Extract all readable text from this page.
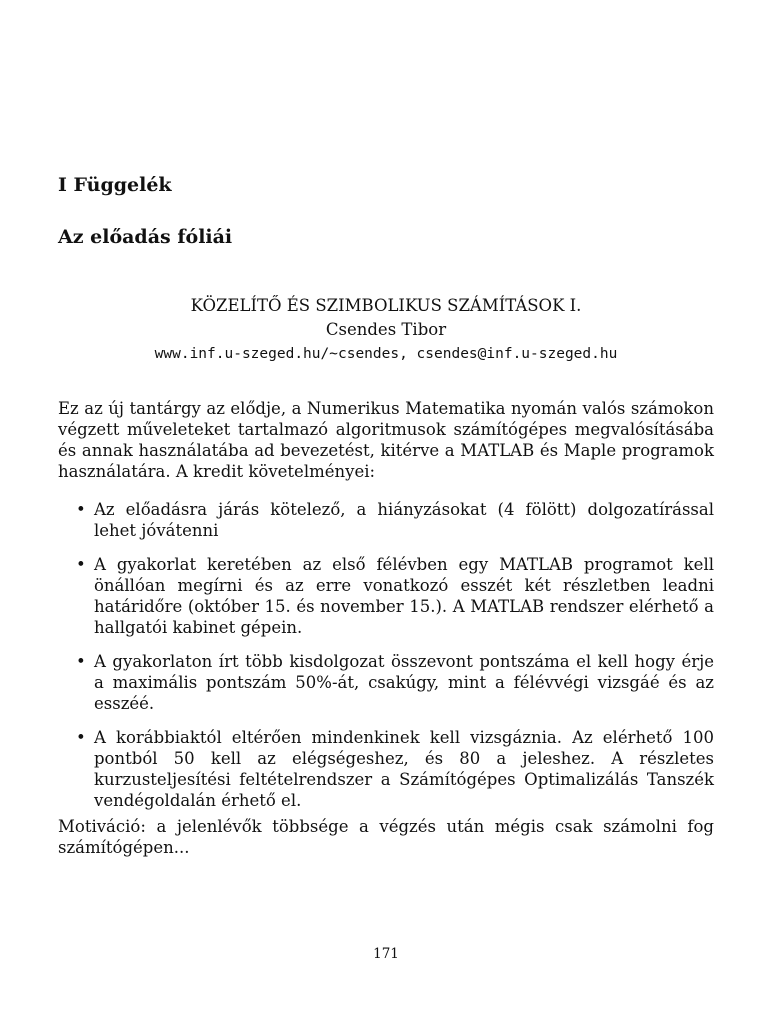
I Függelék
Az előadás fóliái
KÖZELÍTŐ ÉS SZIMBOLIKUS SZÁMÍTÁSOK I.
Csendes Tibor
www.inf.u-szeged.hu/∼csendes, csendes@inf.u-szeged.hu

Ez az új tantárgy az elődje, a Numerikus Matematika nyomán valós számokon végzett műveleteket tartalmazó algoritmusok számítógépes megvalósításába és annak használatába ad bevezetést, kitérve a MATLAB és Maple programok használatára. A kredit követelményei:

• Az előadásra járás kötelező, a hiányzásokat (4 fölött) dolgozatírással lehet jóvátenni
• A gyakorlat keretében az első félévben egy MATLAB programot kell önállóan megírni és az erre vonatkozó esszét két részletben leadni határidőre (október 15. és november 15.). A MATLAB rendszer elérhető a hallgatói kabinet gépein.
• A gyakorlaton írt több kisdolgozat összevont pontszáma el kell hogy érje a maximális pontszám 50%-át, csakúgy, mint a félévvégi vizsgáé és az esszéé.
• A korábbiaktól eltérően mindenkinek kell vizsgáznia. Az elérhető 100 pontból 50 kell az elégségeshez, és 80 a jeleshez. A részletes kurzusteljesítési feltételrendszer a Számítógépes Optimalizálás Tanszék vendégoldalán érhető el.

Motiváció: a jelenlévők többsége a végzés után mégis csak számolni fog számítógépen...

171
